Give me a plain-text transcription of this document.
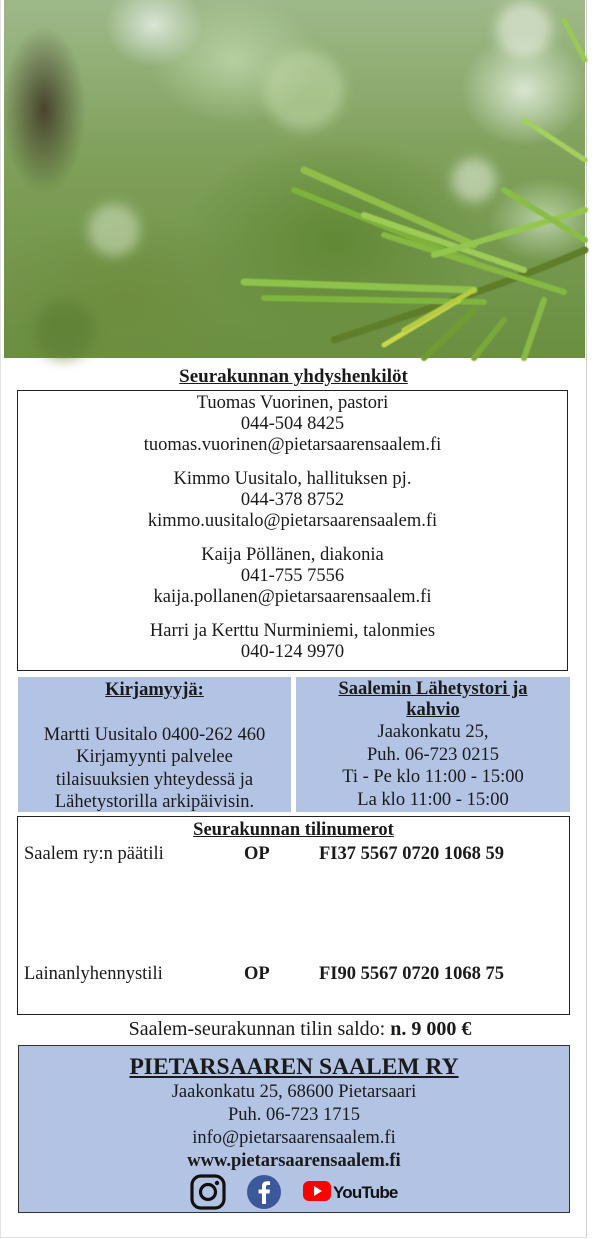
Seurakunnan yhdyshenkilöt
Tuomas Vuorinen, pastori
044-504 8425
tuomas.vuorinen@pietarsaarensaalem.fi
Kimmo Uusitalo, hallituksen pj.
044-378 8752
kimmo.uusitalo@pietarsaarensaalem.fi
Kaija Pöllänen, diakonia
041-755 7556
kaija.pollanen@pietarsaarensaalem.fi
Harri ja Kerttu Nurminiemi, talonmies
040-124 9970
Kirjamyyjä:
Martti Uusitalo 0400-262 460
Kirjamyynti palvelee
tilaisuuksien yhteydessä ja
Lähetystorilla arkipäivisin.
Saalemin Lähetystori ja kahvio
Jaakonkatu 25,
Puh. 06-723 0215
Ti - Pe klo 11:00 - 15:00
La klo 11:00 - 15:00
Seurakunnan tilinumerot
Saalem ry:n päätili	OP	FI37 5567 0720 1068 59
Lainanlyhennystili	OP	FI90 5567 0720 1068 75
Saalem-seurakunnan tilin saldo: n. 9 000 €
PIETARSAAREN SAALEM RY
Jaakonkatu 25, 68600 Pietarsaari
Puh. 06-723 1715
info@pietarsaarensaalem.fi
www.pietarsaarensaalem.fi
YouTube
